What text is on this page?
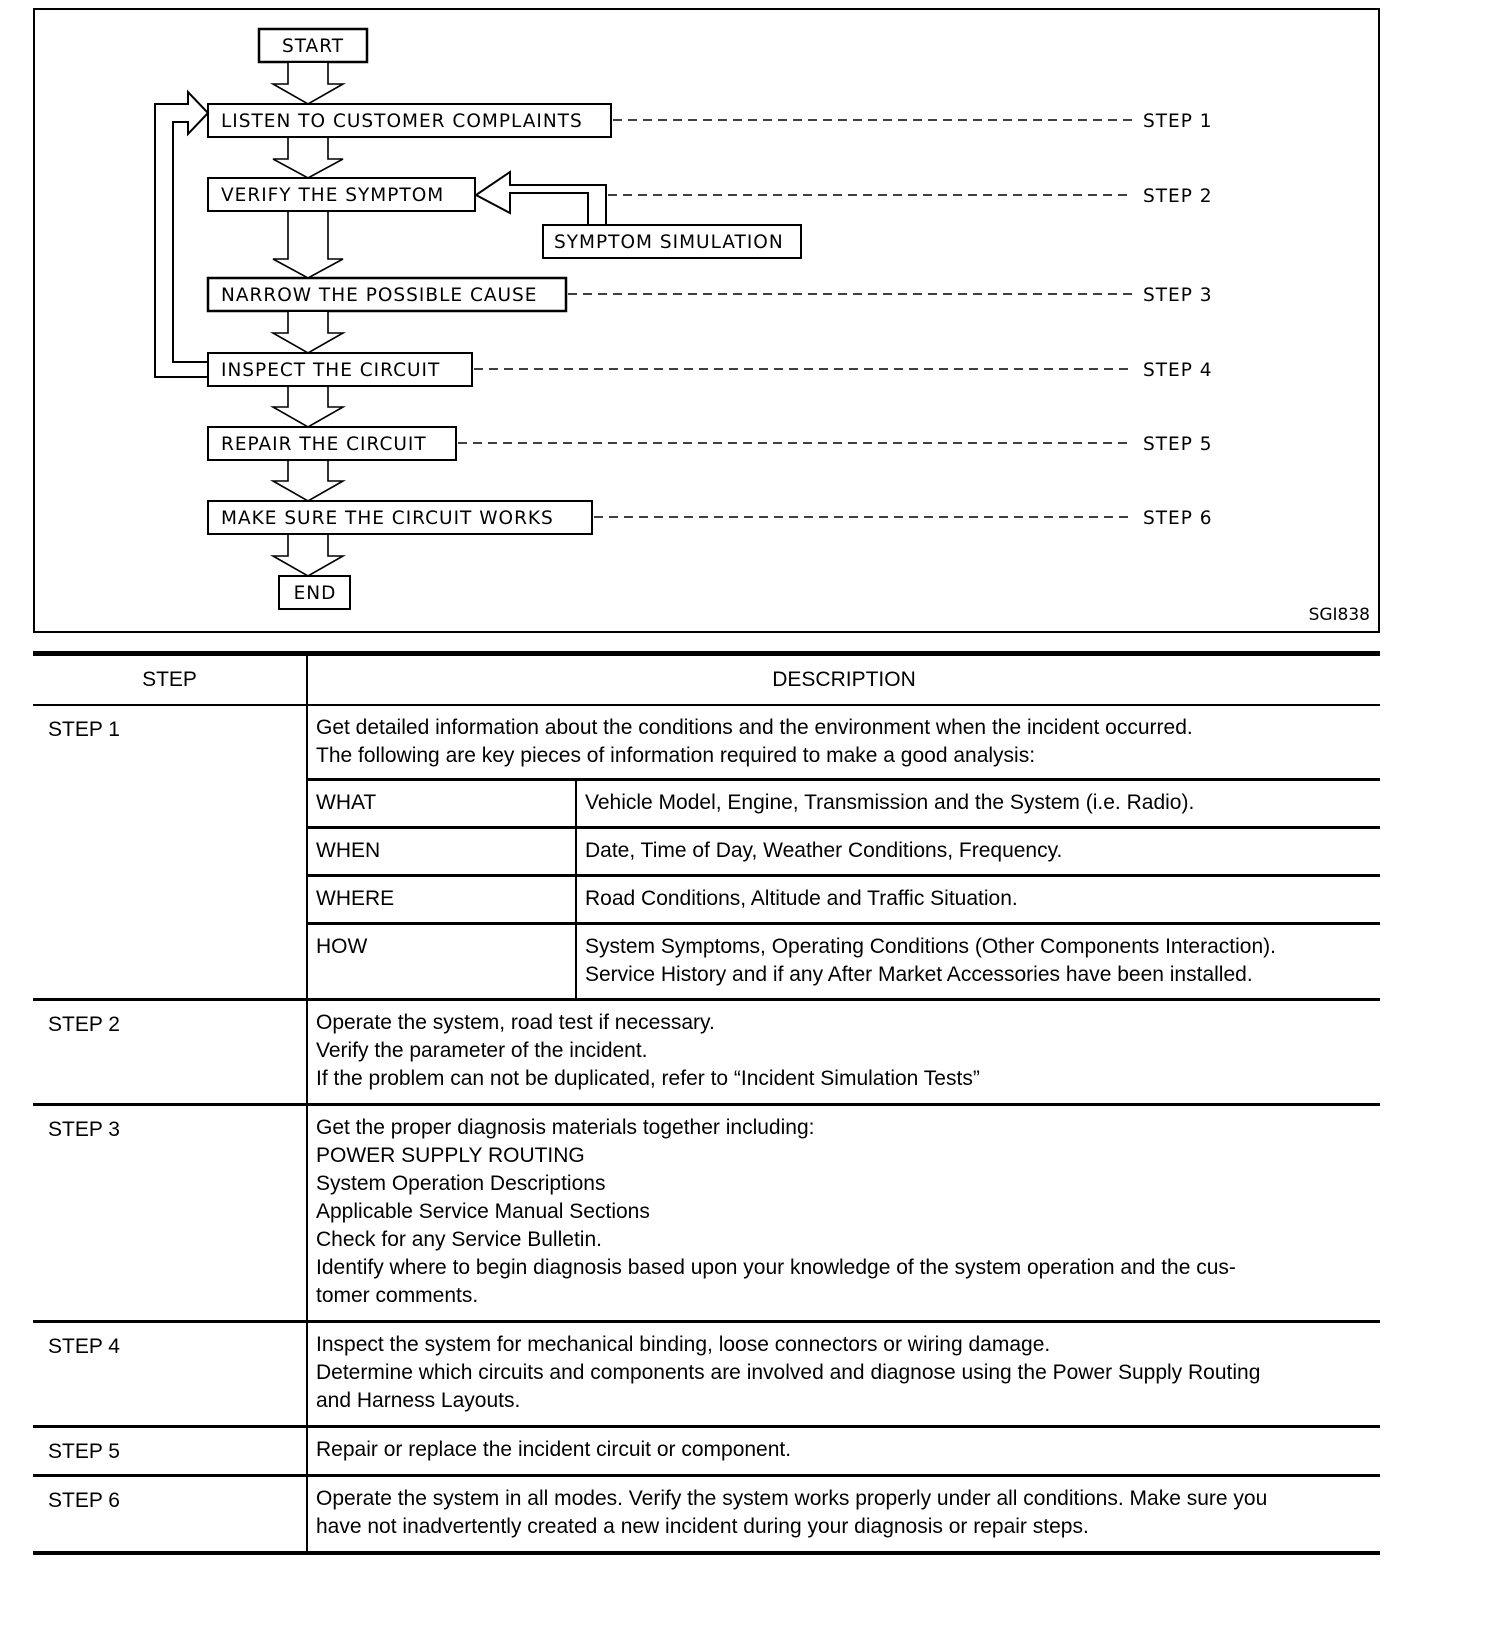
START
LISTEN TO CUSTOMER COMPLAINTS
VERIFY THE SYMPTOM
NARROW THE POSSIBLE CAUSE
INSPECT THE CIRCUIT
REPAIR THE CIRCUIT
MAKE SURE THE CIRCUIT WORKS
SYMPTOM SIMULATION
END
STEP 1
STEP 2
STEP 3
STEP 4
STEP 5
STEP 6
SGI838
STEP	DESCRIPTION
STEP 1	Get detailed information about the conditions and the environment when the incident occurred.
The following are key pieces of information required to make a good analysis:
WHAT	Vehicle Model, Engine, Transmission and the System (i.e. Radio).

WHEN	Date, Time of Day, Weather Conditions, Frequency.

WHERE	Road Conditions, Altitude and Traffic Situation.

HOW	System Symptoms, Operating Conditions (Other Components Interaction).
Service History and if any After Market Accessories have been installed.

STEP 2	Operate the system, road test if necessary.
Verify the parameter of the incident.
If the problem can not be duplicated, refer to “Incident Simulation Tests”

STEP 3	Get the proper diagnosis materials together including:
POWER SUPPLY ROUTING
System Operation Descriptions
Applicable Service Manual Sections
Check for any Service Bulletin.
Identify where to begin diagnosis based upon your knowledge of the system operation and the cus-
tomer comments.

STEP 4	Inspect the system for mechanical binding, loose connectors or wiring damage.
Determine which circuits and components are involved and diagnose using the Power Supply Routing
and Harness Layouts.

STEP 5	Repair or replace the incident circuit or component.

STEP 6	Operate the system in all modes. Verify the system works properly under all conditions. Make sure you
have not inadvertently created a new incident during your diagnosis or repair steps.
